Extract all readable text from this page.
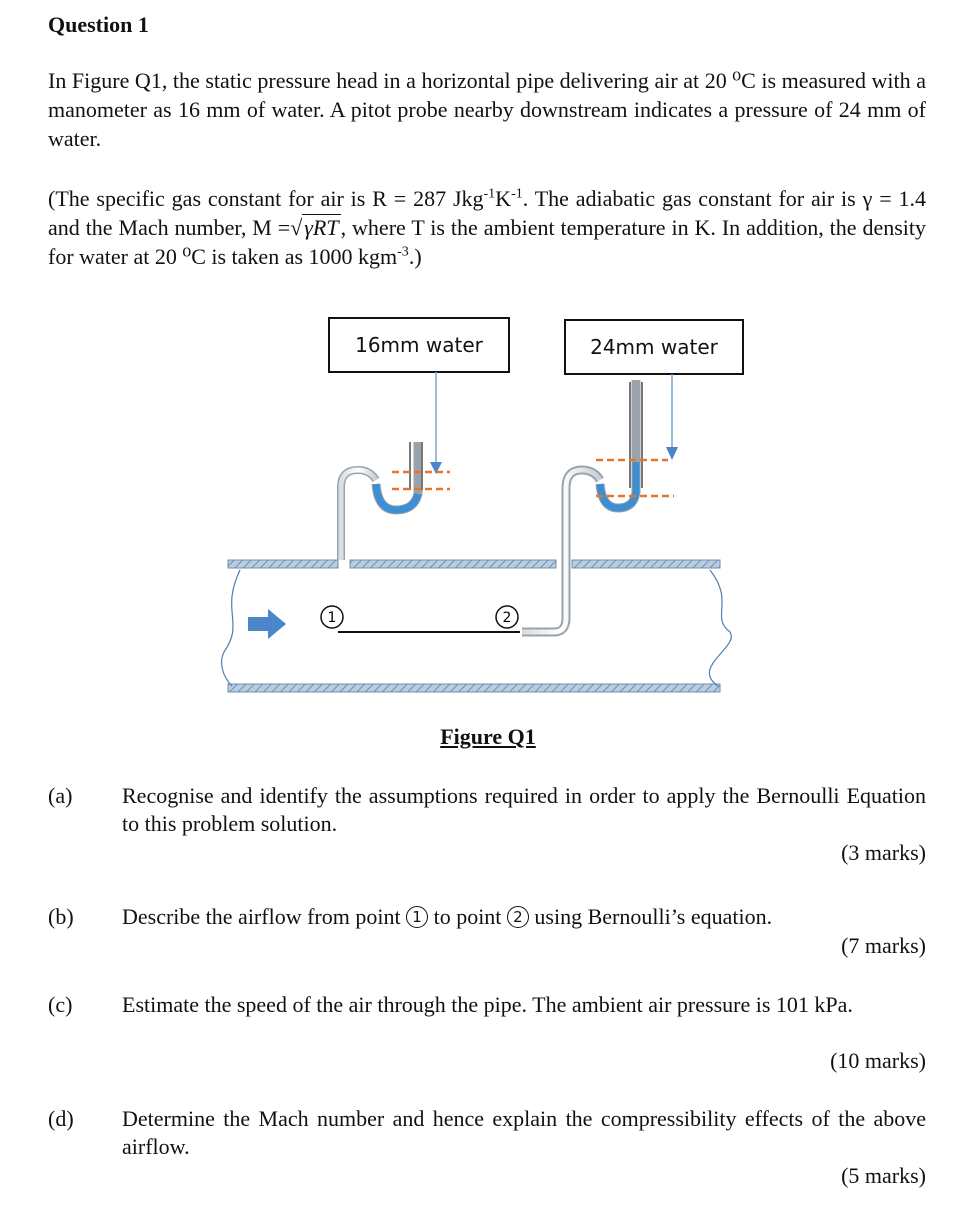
Question 1
In Figure Q1, the static pressure head in a horizontal pipe delivering air at 20 ⁰C is measured with a manometer as 16 mm of water. A pitot probe nearby downstream indicates a pressure of 24 mm of water.
(The specific gas constant for air is R = 287 $Jkg^{-1}K^{-1}$. The adiabatic gas constant for air is γ = 1.4 and the Mach number, M =√γRT, where T is the ambient temperature in K. In addition, the density for water at 20 ⁰C is taken as 1000 kgm$^{-3}$.)
16mm water	24mm water
1	2
Figure Q1
(a) Recognise and identify the assumptions required in order to apply the Bernoulli Equation to this problem solution.
(3 marks)
(b) Describe the airflow from point 1 to point 2 using Bernoulli’s equation.
(7 marks)
(c) Estimate the speed of the air through the pipe. The ambient air pressure is 101 kPa.
(10 marks)
(d) Determine the Mach number and hence explain the compressibility effects of the above airflow.
(5 marks)
